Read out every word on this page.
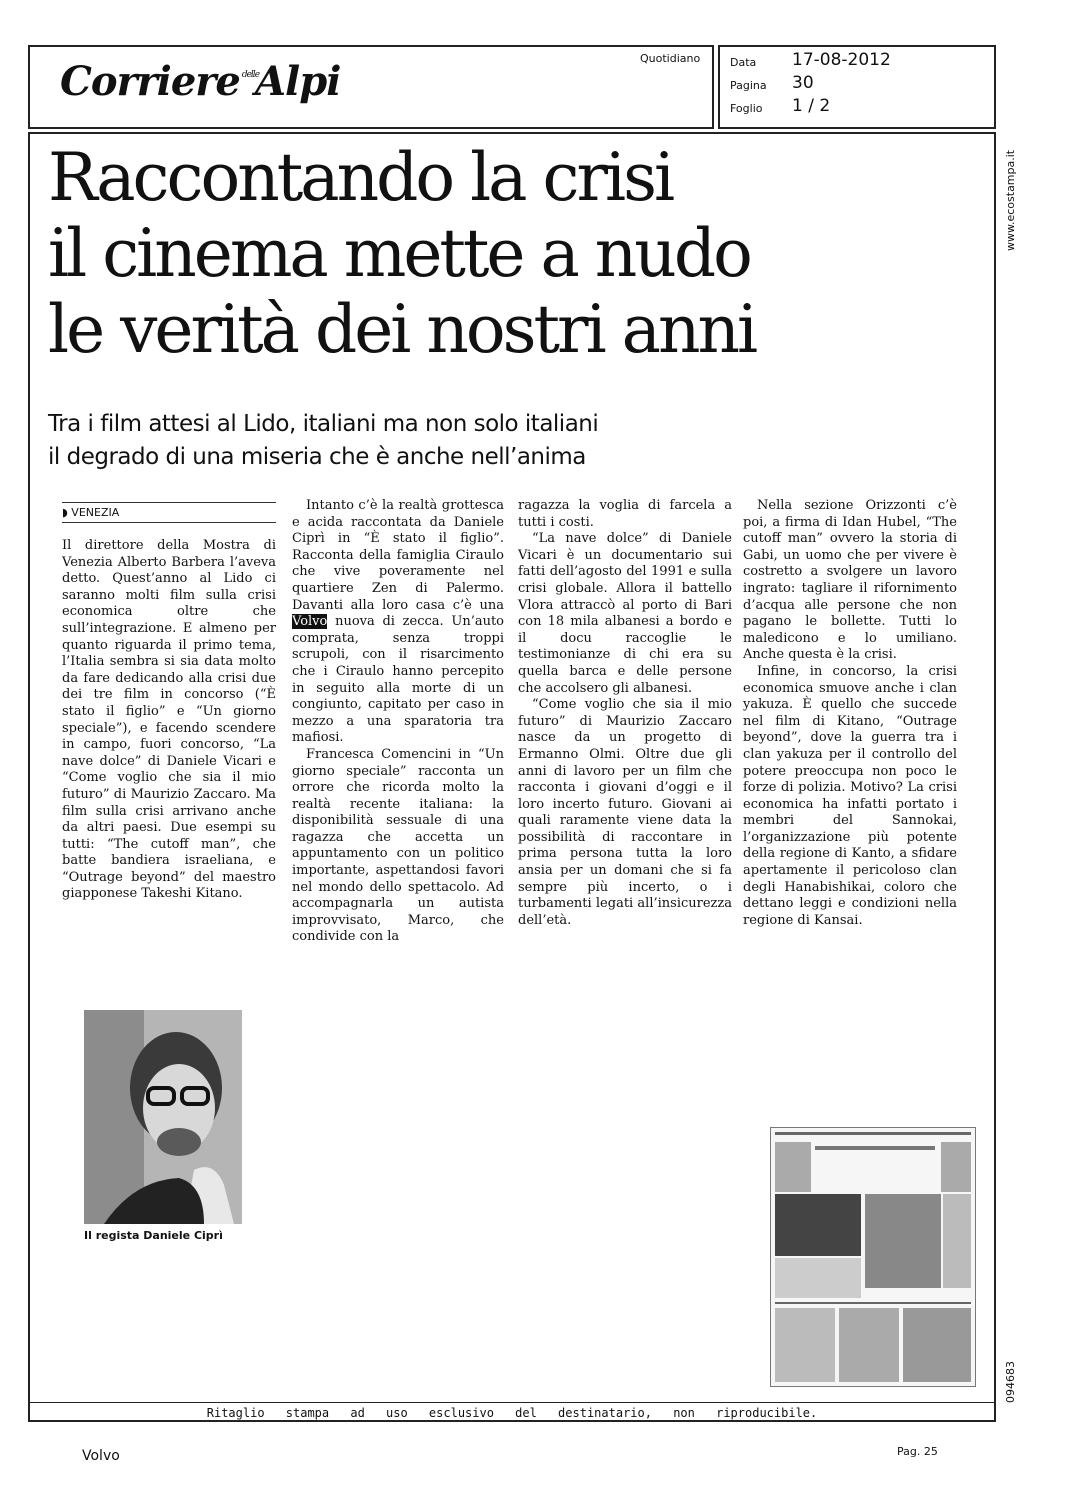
Corriere $^{delle}$Alpi	Quotidiano	Data 17-08-2012
Pagina 30
Foglio 1 / 2
www.ecostampa.it
094683
Raccontando la crisi
il cinema mette a nudo
le verità dei nostri anni
Tra i film attesi al Lido, italiani ma non solo italiani
il degrado di una miseria che è anche nell’anima
◗ VENEZIA

Il direttore della Mostra di Venezia Alberto Barbera l’aveva detto. Quest’anno al Lido ci saranno molti film sulla crisi economica oltre che sull’integrazione. E almeno per quanto riguarda il primo tema, l’Italia sembra si sia data molto da fare dedicando alla crisi due dei tre film in concorso (“È stato il figlio” e “Un giorno speciale”), e facendo scendere in campo, fuori concorso, “La nave dolce” di Daniele Vicari e “Come voglio che sia il mio futuro” di Maurizio Zaccaro. Ma film sulla crisi arrivano anche da altri paesi. Due esempi su tutti: “The cutoff man”, che batte bandiera israeliana, e “Outrage beyond” del maestro giapponese Takeshi Kitano.

Intanto c’è la realtà grottesca e acida raccontata da Daniele Ciprì in “È stato il figlio”. Racconta della famiglia Ciraulo che vive poveramente nel quartiere Zen di Palermo. Davanti alla loro casa c’è una Volvo nuova di zecca. Un’auto comprata, senza troppi scrupoli, con il risarcimento che i Ciraulo hanno percepito in seguito alla morte di un congiunto, capitato per caso in mezzo a una sparatoria tra mafiosi.

Francesca Comencini in “Un giorno speciale” racconta un orrore che ricorda molto la realtà recente italiana: la disponibilità sessuale di una ragazza che accetta un appuntamento con un politico importante, aspettandosi favori nel mondo dello spettacolo. Ad accompagnarla un autista improvvisato, Marco, che condivide con la

ragazza la voglia di farcela a tutti i costi.

“La nave dolce” di Daniele Vicari è un documentario sui fatti dell’agosto del 1991 e sulla crisi globale. Allora il battello Vlora attraccò al porto di Bari con 18 mila albanesi a bordo e il docu raccoglie le testimonianze di chi era su quella barca e delle persone che accolsero gli albanesi.

“Come voglio che sia il mio futuro” di Maurizio Zaccaro nasce da un progetto di Ermanno Olmi. Oltre due gli anni di lavoro per un film che racconta i giovani d’oggi e il loro incerto futuro. Giovani ai quali raramente viene data la possibilità di raccontare in prima persona tutta la loro ansia per un domani che si fa sempre più incerto, o i turbamenti legati all’insicurezza dell’età.

Nella sezione Orizzonti c’è poi, a firma di Idan Hubel, “The cutoff man” ovvero la storia di Gabi, un uomo che per vivere è costretto a svolgere un lavoro ingrato: tagliare il rifornimento d’acqua alle persone che non pagano le bollette. Tutti lo maledicono e lo umiliano. Anche questa è la crisi.

Infine, in concorso, la crisi economica smuove anche i clan yakuza. È quello che succede nel film di Kitano, “Outrage beyond”, dove la guerra tra i clan yakuza per il controllo del potere preoccupa non poco le forze di polizia. Motivo? La crisi economica ha infatti portato i membri del Sannokai, l’organizzazione più potente della regione di Kanto, a sfidare apertamente il pericoloso clan degli Hanabishikai, coloro che dettano leggi e condizioni nella regione di Kansai.

Il regista Daniele Ciprì
Ritaglio stampa ad uso esclusivo del destinatario, non riproducibile.
Volvo	Pag. 25
